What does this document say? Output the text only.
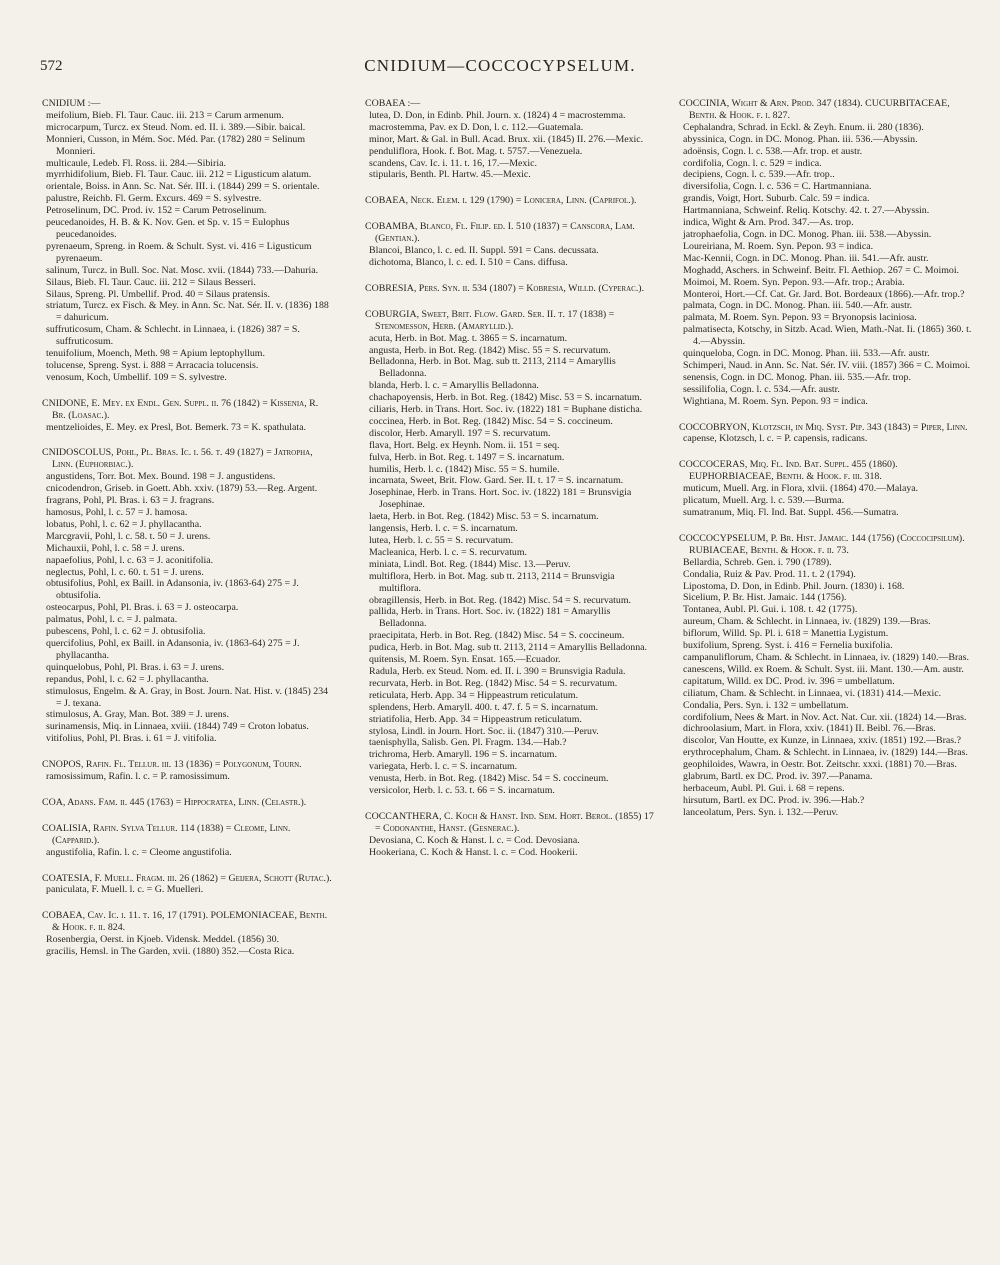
572	CNIDIUM—COCCOCYPSELUM.
CNIDIUM :—
meifolium, Bieb. Fl. Taur. Cauc. iii. 213 = Carum armenum.
microcarpum, Turcz. ex Steud. Nom. ed. II. i. 389.—Sibir. baical.
Monnieri, Cusson, in Mém. Soc. Méd. Par. (1782) 280 = Selinum Monnieri.
multicaule, Ledeb. Fl. Ross. ii. 284.—Sibiria.
myrrhidifolium, Bieb. Fl. Taur. Cauc. iii. 212 = Ligusticum alatum.
orientale, Boiss. in Ann. Sc. Nat. Sér. III. i. (1844) 299 = S. orientale.
palustre, Reichb. Fl. Germ. Excurs. 469 = S. sylvestre.
Petroselinum, DC. Prod. iv. 152 = Carum Petroselinum.
peucedanoides, H. B. & K. Nov. Gen. et Sp. v. 15 = Eulophus peucedanoides.
pyrenaeum, Spreng. in Roem. & Schult. Syst. vi. 416 = Ligusticum pyrenaeum.
salinum, Turcz. in Bull. Soc. Nat. Mosc. xvii. (1844) 733.—Dahuria.
Silaus, Bieb. Fl. Taur. Cauc. iii. 212 = Silaus Besseri.
Silaus, Spreng. Pl. Umbellif. Prod. 40 = Silaus pratensis.
striatum, Turcz. ex Fisch. & Mey. in Ann. Sc. Nat. Sér. II. v. (1836) 188 = dahuricum.
suffruticosum, Cham. & Schlecht. in Linnaea, i. (1826) 387 = S. suffruticosum.
tenuifolium, Moench, Meth. 98 = Apium leptophyllum.
tolucense, Spreng. Syst. i. 888 = Arracacia tolucensis.
venosum, Koch, Umbellif. 109 = S. sylvestre.
CNIDONE, E. Mey. ex Endl. Gen. Suppl. ii. 76 (1842) = Kissenia, R. Br. (Loasac.).
mentzelioides, E. Mey. ex Presl, Bot. Bemerk. 73 = K. spathulata.
CNIDOSCOLUS, Pohl, Pl. Bras. Ic. i. 56. t. 49 (1827) = Jatropha, Linn. (Euphorbiac.).
angustidens, Torr. Bot. Mex. Bound. 198 = J. angustidens.
cnicodendron, Griseb. in Goett. Abh. xxiv. (1879) 53.—Reg. Argent.
fragrans, Pohl, Pl. Bras. i. 63 = J. fragrans.
hamosus, Pohl, l. c. 57 = J. hamosa.
lobatus, Pohl, l. c. 62 = J. phyllacantha.
Marcgravii, Pohl, l. c. 58. t. 50 = J. urens.
Michauxii, Pohl, l. c. 58 = J. urens.
napaefolius, Pohl, l. c. 63 = J. aconitifolia.
neglectus, Pohl, l. c. 60. t. 51 = J. urens.
obtusifolius, Pohl, ex Baill. in Adansonia, iv. (1863-64) 275 = J. obtusifolia.
osteocarpus, Pohl, Pl. Bras. i. 63 = J. osteocarpa.
palmatus, Pohl, l. c. = J. palmata.
pubescens, Pohl, l. c. 62 = J. obtusifolia.
quercifolius, Pohl, ex Baill. in Adansonia, iv. (1863-64) 275 = J. phyllacantha.
quinquelobus, Pohl, Pl. Bras. i. 63 = J. urens.
repandus, Pohl, l. c. 62 = J. phyllacantha.
stimulosus, Engelm. & A. Gray, in Bost. Journ. Nat. Hist. v. (1845) 234 = J. texana.
stimulosus, A. Gray, Man. Bot. 389 = J. urens.
surinamensis, Miq. in Linnaea, xviii. (1844) 749 = Croton lobatus.
vitifolius, Pohl, Pl. Bras. i. 61 = J. vitifolia.
CNOPOS, Rafin. Fl. Tellur. iii. 13 (1836) = Polygonum, Tourn.
ramosissimum, Rafin. l. c. = P. ramosissimum.
COA, Adans. Fam. ii. 445 (1763) = Hippocratea, Linn. (Celastr.).
COALISIA, Rafin. Sylva Tellur. 114 (1838) = Cleome, Linn. (Capparid.).
angustifolia, Rafin. l. c. = Cleome angustifolia.
COATESIA, F. Muell. Fragm. iii. 26 (1862) = Geijera, Schott (Rutac.).
paniculata, F. Muell. l. c. = G. Muelleri.
COBAEA, Cav. Ic. i. 11. t. 16, 17 (1791). POLEMONIACEAE, Benth. & Hook. f. ii. 824.
Rosenbergia, Oerst. in Kjoeb. Vidensk. Meddel. (1856) 30.
gracilis, Hemsl. in The Garden, xvii. (1880) 352.—Costa Rica.
COBAEA :—
lutea, D. Don, in Edinb. Phil. Journ. x. (1824) 4 = macrostemma.
macrostemma, Pav. ex D. Don, l. c. 112.—Guatemala.
minor, Mart. & Gal. in Bull. Acad. Brux. xii. (1845) II. 276.—Mexic.
penduliflora, Hook. f. Bot. Mag. t. 5757.—Venezuela.
scandens, Cav. Ic. i. 11. t. 16, 17.—Mexic.
stipularis, Benth. Pl. Hartw. 45.—Mexic.
COBAEA, Neck. Elem. i. 129 (1790) = Lonicera, Linn. (Caprifol.).
COBAMBA, Blanco, Fl. Filip. ed. I. 510 (1837) = Canscora, Lam. (Gentian.).
Blancoi, Blanco, l. c. ed. II. Suppl. 591 = Cans. decussata.
dichotoma, Blanco, l. c. ed. I. 510 = Cans. diffusa.
COBRESIA, Pers. Syn. ii. 534 (1807) = Kobresia, Willd. (Cyperac.).
COBURGIA, Sweet, Brit. Flow. Gard. Ser. II. t. 17 (1838) = Stenomesson, Herb. (Amaryllid.).
acuta, Herb. in Bot. Mag. t. 3865 = S. incarnatum.
angusta, Herb. in Bot. Reg. (1842) Misc. 55 = S. recurvatum.
Belladonna, Herb. in Bot. Mag. sub tt. 2113, 2114 = Amaryllis Belladonna.
blanda, Herb. l. c. = Amaryllis Belladonna.
chachapoyensis, Herb. in Bot. Reg. (1842) Misc. 53 = S. incarnatum.
ciliaris, Herb. in Trans. Hort. Soc. iv. (1822) 181 = Buphane disticha.
coccinea, Herb. in Bot. Reg. (1842) Misc. 54 = S. coccineum.
discolor, Herb. Amaryll. 197 = S. recurvatum.
flava, Hort. Belg. ex Heynh. Nom. ii. 151 = seq.
fulva, Herb. in Bot. Reg. t. 1497 = S. incarnatum.
humilis, Herb. l. c. (1842) Misc. 55 = S. humile.
incarnata, Sweet, Brit. Flow. Gard. Ser. II. t. 17 = S. incarnatum.
Josephinae, Herb. in Trans. Hort. Soc. iv. (1822) 181 = Brunsvigia Josephinae.
laeta, Herb. in Bot. Reg. (1842) Misc. 53 = S. incarnatum.
langensis, Herb. l. c. = S. incarnatum.
lutea, Herb. l. c. 55 = S. recurvatum.
Macleanica, Herb. l. c. = S. recurvatum.
miniata, Lindl. Bot. Reg. (1844) Misc. 13.—Peruv.
multiflora, Herb. in Bot. Mag. sub tt. 2113, 2114 = Brunsvigia multiflora.
obragillensis, Herb. in Bot. Reg. (1842) Misc. 54 = S. recurvatum.
pallida, Herb. in Trans. Hort. Soc. iv. (1822) 181 = Amaryllis Belladonna.
praecipitata, Herb. in Bot. Reg. (1842) Misc. 54 = S. coccineum.
pudica, Herb. in Bot. Mag. sub tt. 2113, 2114 = Amaryllis Belladonna.
quitensis, M. Roem. Syn. Ensat. 165.—Ecuador.
Radula, Herb. ex Steud. Nom. ed. II. i. 390 = Brunsvigia Radula.
recurvata, Herb. in Bot. Reg. (1842) Misc. 54 = S. recurvatum.
reticulata, Herb. App. 34 = Hippeastrum reticulatum.
splendens, Herb. Amaryll. 400. t. 47. f. 5 = S. incarnatum.
striatifolia, Herb. App. 34 = Hippeastrum reticulatum.
stylosa, Lindl. in Journ. Hort. Soc. ii. (1847) 310.—Peruv.
taenisphylla, Salisb. Gen. Pl. Fragm. 134.—Hab.?
trichroma, Herb. Amaryll. 196 = S. incarnatum.
variegata, Herb. l. c. = S. incarnatum.
venusta, Herb. in Bot. Reg. (1842) Misc. 54 = S. coccineum.
versicolor, Herb. l. c. 53. t. 66 = S. incarnatum.
COCCANTHERA, C. Koch & Hanst. Ind. Sem. Hort. Berol. (1855) 17 = Codonanthe, Hanst. (Gesnerac.).
Devosiana, C. Koch & Hanst. l. c. = Cod. Devosiana.
Hookeriana, C. Koch & Hanst. l. c. = Cod. Hookerii.
COCCINIA, Wight & Arn. Prod. 347 (1834). CUCURBITACEAE, Benth. & Hook. f. i. 827.
Cephalandra, Schrad. in Eckl. & Zeyh. Enum. ii. 280 (1836).
abyssinica, Cogn. in DC. Monog. Phan. iii. 536.—Abyssin.
adoënsis, Cogn. l. c. 538.—Afr. trop. et austr.
cordifolia, Cogn. l. c. 529 = indica.
decipiens, Cogn. l. c. 539.—Afr. trop..
diversifolia, Cogn. l. c. 536 = C. Hartmanniana.
grandis, Voigt, Hort. Suburb. Calc. 59 = indica.
Hartmanniana, Schweinf. Reliq. Kotschy. 42. t. 27.—Abyssin.
indica, Wight & Arn. Prod. 347.—As. trop.
jatrophaefolia, Cogn. in DC. Monog. Phan. iii. 538.—Abyssin.
Loureiriana, M. Roem. Syn. Pepon. 93 = indica.
Mac-Kennii, Cogn. in DC. Monog. Phan. iii. 541.—Afr. austr.
Moghadd, Aschers. in Schweinf. Beitr. Fl. Aethiop. 267 = C. Moimoi.
Moimoi, M. Roem. Syn. Pepon. 93.—Afr. trop.; Arabia.
Monteroi, Hort.—Cf. Cat. Gr. Jard. Bot. Bordeaux (1866).—Afr. trop.?
palmata, Cogn. in DC. Monog. Phan. iii. 540.—Afr. austr.
palmata, M. Roem. Syn. Pepon. 93 = Bryonopsis laciniosa.
palmatisecta, Kotschy, in Sitzb. Acad. Wien, Math.-Nat. Ii. (1865) 360. t. 4.—Abyssin.
quinqueloba, Cogn. in DC. Monog. Phan. iii. 533.—Afr. austr.
Schimperi, Naud. in Ann. Sc. Nat. Sér. IV. viii. (1857) 366 = C. Moimoi.
senensis, Cogn. in DC. Monog. Phan. iii. 535.—Afr. trop.
sessilifolia, Cogn. l. c. 534.—Afr. austr.
Wightiana, M. Roem. Syn. Pepon. 93 = indica.
COCCOBRYON, Klotzsch, in Miq. Syst. Pip. 343 (1843) = Piper, Linn.
capense, Klotzsch, l. c. = P. capensis, radicans.
COCCOCERAS, Miq. Fl. Ind. Bat. Suppl. 455 (1860). EUPHORBIACEAE, Benth. & Hook. f. iii. 318.
muticum, Muell. Arg. in Flora, xlvii. (1864) 470.—Malaya.
plicatum, Muell. Arg. l. c. 539.—Burma.
sumatranum, Miq. Fl. Ind. Bat. Suppl. 456.—Sumatra.
COCCOCYPSELUM, P. Br. Hist. Jamaic. 144 (1756) (Coccocipsilum). RUBIACEAE, Benth. & Hook. f. ii. 73.
Bellardia, Schreb. Gen. i. 790 (1789).
Condalia, Ruiz & Pav. Prod. 11. t. 2 (1794).
Lipostoma, D. Don, in Edinb. Phil. Journ. (1830) i. 168.
Sicelium, P. Br. Hist. Jamaic. 144 (1756).
Tontanea, Aubl. Pl. Gui. i. 108. t. 42 (1775).
aureum, Cham. & Schlecht. in Linnaea, iv. (1829) 139.—Bras.
biflorum, Willd. Sp. Pl. i. 618 = Manettia Lygistum.
buxifolium, Spreng. Syst. i. 416 = Fernelia buxifolia.
campanuliflorum, Cham. & Schlecht. in Linnaea, iv. (1829) 140.—Bras.
canescens, Willd. ex Roem. & Schult. Syst. iii. Mant. 130.—Am. austr.
capitatum, Willd. ex DC. Prod. iv. 396 = umbellatum.
ciliatum, Cham. & Schlecht. in Linnaea, vi. (1831) 414.—Mexic.
Condalia, Pers. Syn. i. 132 = umbellatum.
cordifolium, Nees & Mart. in Nov. Act. Nat. Cur. xii. (1824) 14.—Bras.
dichroolasium, Mart. in Flora, xxiv. (1841) II. Beibl. 76.—Bras.
discolor, Van Houtte, ex Kunze, in Linnaea, xxiv. (1851) 192.—Bras.?
erythrocephalum, Cham. & Schlecht. in Linnaea, iv. (1829) 144.—Bras.
geophiloides, Wawra, in Oestr. Bot. Zeitschr. xxxi. (1881) 70.—Bras.
glabrum, Bartl. ex DC. Prod. iv. 397.—Panama.
herbaceum, Aubl. Pl. Gui. i. 68 = repens.
hirsutum, Bartl. ex DC. Prod. iv. 396.—Hab.?
lanceolatum, Pers. Syn. i. 132.—Peruv.
